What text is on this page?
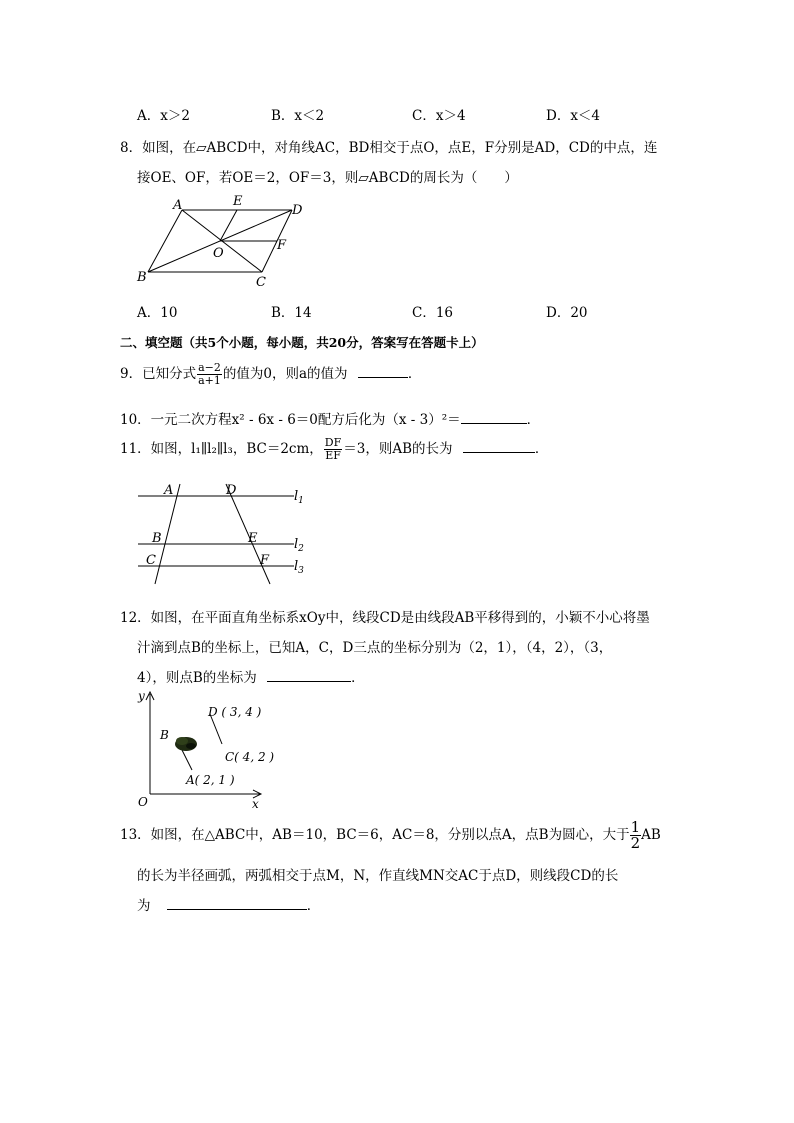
A．x＞2	B．x＜2	C．x＞4	D．x＜4
8．如图，在▱ABCD中，对角线AC，BD相交于点O，点E，F分别是AD，CD的中点，连
接OE、OF，若OE＝2，OF＝3，则▱ABCD的周长为（　　）
A	E
D
O
F
B	C
A．10	B．14	C．16	D．20
二、填空题（共5个小题，每小题，共20分，答案写在答题卡上）
9．已知分式 $\frac{a-2}{a+1}$ 的值为0，则a的值为	．
10．一元二次方程x² - 6x - 6＝0配方后化为（x - 3）²＝	．
11．如图，l₁∥l₂∥l₃，BC＝2cm， $\frac{DF}{EF} =3$，则AB的长为	．
A	D	$l_1$
B	E	$l_2$
C	F $l_3$
12．如图，在平面直角坐标系xOy中，线段CD是由线段AB平移得到的，小颖不小心将墨
汁滴到点B的坐标上，已知A，C，D三点的坐标分别为（2，1），（4，2），（3，
4），则点B的坐标为	．
y
x
O
D ( 3, 4 )
B
C( 4, 2 )
A( 2, 1 )
13．如图，在△ABC中，AB＝10，BC＝6，AC＝8，分别以点A，点B为圆心，大于 $\frac{1}{2}$ AB
的长为半径画弧，两弧相交于点M，N，作直线MN交AC于点D，则线段CD的长
为	．
